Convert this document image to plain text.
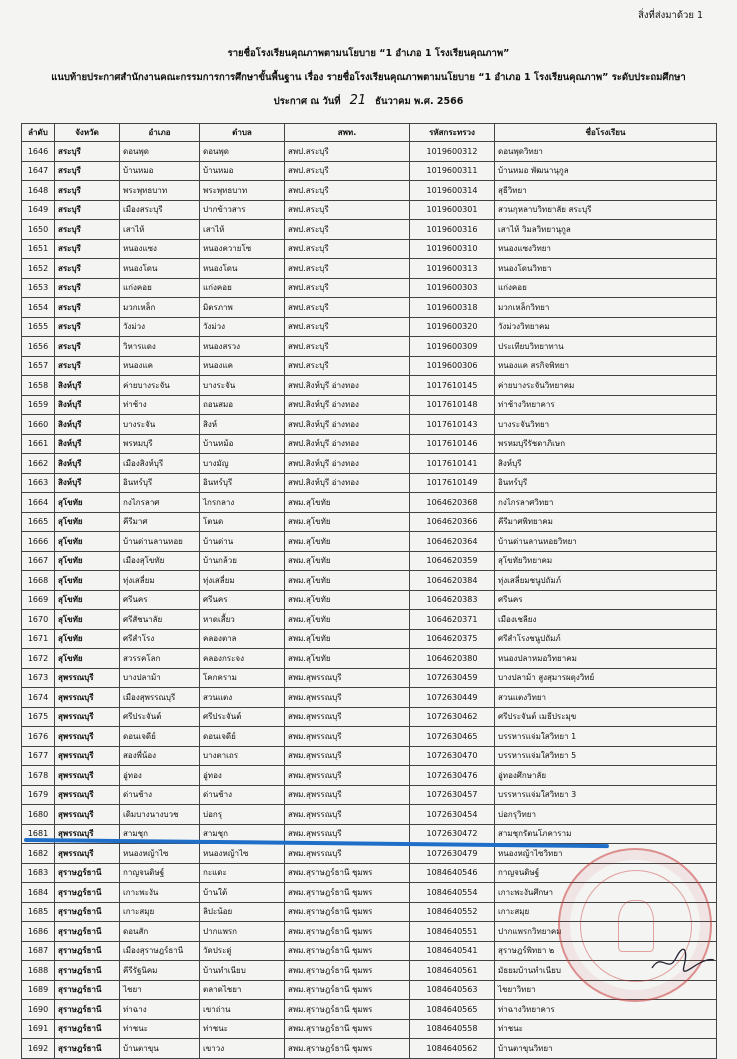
สิ่งที่ส่งมาด้วย 1
รายชื่อโรงเรียนคุณภาพตามนโยบาย “1 อำเภอ 1 โรงเรียนคุณภาพ”
แนบท้ายประกาศสำนักงานคณะกรรมการการศึกษาขั้นพื้นฐาน เรื่อง รายชื่อโรงเรียนคุณภาพตามนโยบาย “1 อำเภอ 1 โรงเรียนคุณภาพ” ระดับประถมศึกษา
ประกาศ ณ วันที่ 21 ธันวาคม พ.ศ. 2566
ลำดับ	จังหวัด	อำเภอ	ตำบล	สพท.	รหัสกระทรวง	ชื่อโรงเรียน
1646	สระบุรี	ดอนพุด	ดอนพุด	สพป.สระบุรี	1019600312	ดอนพุดวิทยา
1647	สระบุรี	บ้านหมอ	บ้านหมอ	สพป.สระบุรี	1019600311	บ้านหมอ พัฒนานุกูล
1648	สระบุรี	พระพุทธบาท	พระพุทธบาท	สพป.สระบุรี	1019600314	สุธีวิทยา
1649	สระบุรี	เมืองสระบุรี	ปากข้าวสาร	สพป.สระบุรี	1019600301	สวนกุหลาบวิทยาลัย สระบุรี
1650	สระบุรี	เสาไห้	เสาไห้	สพป.สระบุรี	1019600316	เสาไห้ วิมลวิทยานุกูล
1651	สระบุรี	หนองแซง	หนองควายโซ	สพป.สระบุรี	1019600310	หนองแซงวิทยา
1652	สระบุรี	หนองโดน	หนองโดน	สพป.สระบุรี	1019600313	หนองโดนวิทยา
1653	สระบุรี	แก่งคอย	แก่งคอย	สพป.สระบุรี	1019600303	แก่งคอย
1654	สระบุรี	มวกเหล็ก	มิตรภาพ	สพป.สระบุรี	1019600318	มวกเหล็กวิทยา
1655	สระบุรี	วังม่วง	วังม่วง	สพป.สระบุรี	1019600320	วังม่วงวิทยาคม
1656	สระบุรี	วิหารแดง	หนองสรวง	สพป.สระบุรี	1019600309	ประเทียบวิทยาทาน
1657	สระบุรี	หนองแค	หนองแค	สพป.สระบุรี	1019600306	หนองแค สรกิจพิทยา
1658	สิงห์บุรี	ค่ายบางระจัน	บางระจัน	สพป.สิงห์บุรี อ่างทอง	1017610145	ค่ายบางระจันวิทยาคม
1659	สิงห์บุรี	ท่าช้าง	ถอนสมอ	สพป.สิงห์บุรี อ่างทอง	1017610148	ท่าช้างวิทยาคาร
1660	สิงห์บุรี	บางระจัน	สิงห์	สพป.สิงห์บุรี อ่างทอง	1017610143	บางระจันวิทยา
1661	สิงห์บุรี	พรหมบุรี	บ้านหม้อ	สพป.สิงห์บุรี อ่างทอง	1017610146	พรหมบุรีรัชดาภิเษก
1662	สิงห์บุรี	เมืองสิงห์บุรี	บางมัญ	สพป.สิงห์บุรี อ่างทอง	1017610141	สิงห์บุรี
1663	สิงห์บุรี	อินทร์บุรี	อินทร์บุรี	สพป.สิงห์บุรี อ่างทอง	1017610149	อินทร์บุรี
1664	สุโขทัย	กงไกรลาศ	ไกรกลาง	สพม.สุโขทัย	1064620368	กงไกรลาศวิทยา
1665	สุโขทัย	คีรีมาศ	โตนด	สพม.สุโขทัย	1064620366	คีรีมาศพิทยาคม
1666	สุโขทัย	บ้านด่านลานหอย	บ้านด่าน	สพม.สุโขทัย	1064620364	บ้านด่านลานหอยวิทยา
1667	สุโขทัย	เมืองสุโขทัย	บ้านกล้วย	สพม.สุโขทัย	1064620359	สุโขทัยวิทยาคม
1668	สุโขทัย	ทุ่งเสลี่ยม	ทุ่งเสลี่ยม	สพม.สุโขทัย	1064620384	ทุ่งเสลี่ยมชนูปถัมภ์
1669	สุโขทัย	ศรีนคร	ศรีนคร	สพม.สุโขทัย	1064620383	ศรีนคร
1670	สุโขทัย	ศรีสัชนาลัย	หาดเสี้ยว	สพม.สุโขทัย	1064620371	เมืองเชลียง
1671	สุโขทัย	ศรีสำโรง	คลองตาล	สพม.สุโขทัย	1064620375	ศรีสำโรงชนูปถัมภ์
1672	สุโขทัย	สวรรคโลก	คลองกระจง	สพม.สุโขทัย	1064620380	หนองปลาหมอวิทยาคม
1673	สุพรรณบุรี	บางปลาม้า	โคกคราม	สพม.สุพรรณบุรี	1072630459	บางปลาม้า สูงสุมารผดุงวิทย์
1674	สุพรรณบุรี	เมืองสุพรรณบุรี	สวนแตง	สพม.สุพรรณบุรี	1072630449	สวนแตงวิทยา
1675	สุพรรณบุรี	ศรีประจันต์	ศรีประจันต์	สพม.สุพรรณบุรี	1072630462	ศรีประจันต์ เมธีประมุข
1676	สุพรรณบุรี	ดอนเจดีย์	ดอนเจดีย์	สพม.สุพรรณบุรี	1072630465	บรรหารแจ่มใสวิทยา 1
1677	สุพรรณบุรี	สองพี่น้อง	บางตาเถร	สพม.สุพรรณบุรี	1072630470	บรรหารแจ่มใสวิทยา 5
1678	สุพรรณบุรี	อู่ทอง	อู่ทอง	สพม.สุพรรณบุรี	1072630476	อู่ทองศึกษาลัย
1679	สุพรรณบุรี	ด่านช้าง	ด่านช้าง	สพม.สุพรรณบุรี	1072630457	บรรหารแจ่มใสวิทยา 3
1680	สุพรรณบุรี	เดิมบางนางบวช	บ่อกรุ	สพม.สุพรรณบุรี	1072630454	บ่อกรุวิทยา
1681	สุพรรณบุรี	สามชุก	สามชุก	สพม.สุพรรณบุรี	1072630472	สามชุกรัตนโภคาราม
1682	สุพรรณบุรี	หนองหญ้าไซ	หนองหญ้าไซ	สพม.สุพรรณบุรี	1072630479	หนองหญ้าไซวิทยา
1683	สุราษฎร์ธานี	กาญจนดิษฐ์	กะแดะ	สพม.สุราษฎร์ธานี ชุมพร	1084640546	กาญจนดิษฐ์
1684	สุราษฎร์ธานี	เกาะพะงัน	บ้านใต้	สพม.สุราษฎร์ธานี ชุมพร	1084640554	เกาะพะงันศึกษา
1685	สุราษฎร์ธานี	เกาะสมุย	ลิปะน้อย	สพม.สุราษฎร์ธานี ชุมพร	1084640552	เกาะสมุย
1686	สุราษฎร์ธานี	ดอนสัก	ปากแพรก	สพม.สุราษฎร์ธานี ชุมพร	1084640551	ปากแพรกวิทยาคม
1687	สุราษฎร์ธานี	เมืองสุราษฎร์ธานี	วัดประดู่	สพม.สุราษฎร์ธานี ชุมพร	1084640541	สุราษฎร์พิทยา ๒
1688	สุราษฎร์ธานี	คีรีรัฐนิคม	บ้านทำเนียบ	สพม.สุราษฎร์ธานี ชุมพร	1084640561	มัธยมบ้านทำเนียบ
1689	สุราษฎร์ธานี	ไชยา	ตลาดไชยา	สพม.สุราษฎร์ธานี ชุมพร	1084640563	ไชยาวิทยา
1690	สุราษฎร์ธานี	ท่าฉาง	เขาถ่าน	สพม.สุราษฎร์ธานี ชุมพร	1084640565	ท่าฉางวิทยาคาร
1691	สุราษฎร์ธานี	ท่าชนะ	ท่าชนะ	สพม.สุราษฎร์ธานี ชุมพร	1084640558	ท่าชนะ
1692	สุราษฎร์ธานี	บ้านตาขุน	เขาวง	สพม.สุราษฎร์ธานี ชุมพร	1084640562	บ้านตาขุนวิทยา
